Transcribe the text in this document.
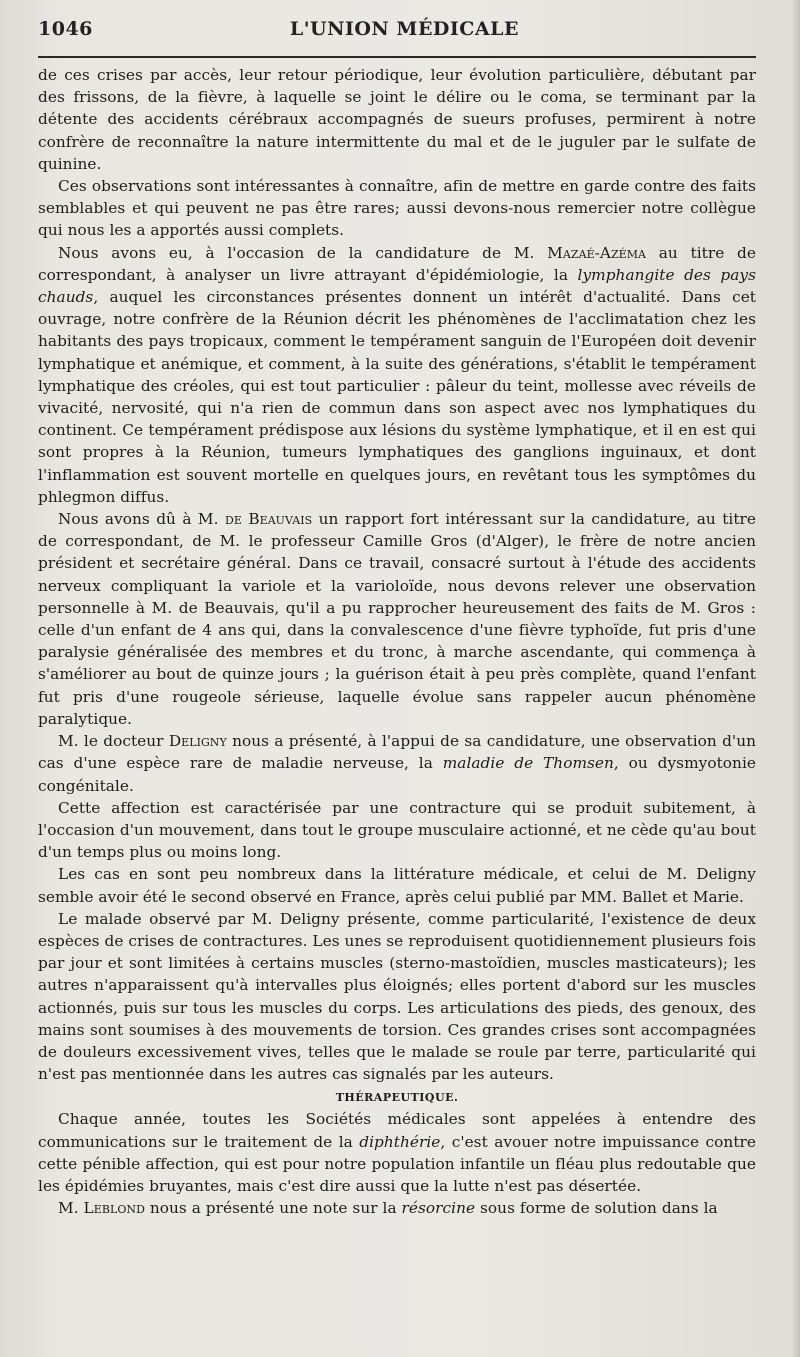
1046	L'UNION MÉDICALE

de ces crises par accès, leur retour périodique, leur évolution particulière, débutant par des frissons, de la fièvre, à laquelle se joint le délire ou le coma, se terminant par la détente des accidents cérébraux accompagnés de sueurs profuses, permirent à notre confrère de reconnaître la nature intermittente du mal et de le juguler par le sulfate de quinine.

Ces observations sont intéressantes à connaître, afin de mettre en garde contre des faits semblables et qui peuvent ne pas être rares; aussi devons-nous remercier notre collègue qui nous les a apportés aussi complets.

Nous avons eu, à l'occasion de la candidature de M. Mazaé-Azéma au titre de correspondant, à analyser un livre attrayant d'épidémiologie, la lymphangite des pays chauds, auquel les circonstances présentes donnent un intérêt d'actualité. Dans cet ouvrage, notre confrère de la Réunion décrit les phénomènes de l'acclimatation chez les habitants des pays tropicaux, comment le tempérament sanguin de l'Européen doit devenir lymphatique et anémique, et comment, à la suite des générations, s'établit le tempérament lymphatique des créoles, qui est tout particulier : pâleur du teint, mollesse avec réveils de vivacité, nervosité, qui n'a rien de commun dans son aspect avec nos lymphatiques du continent. Ce tempérament prédispose aux lésions du système lymphatique, et il en est qui sont propres à la Réunion, tumeurs lymphatiques des ganglions inguinaux, et dont l'inflammation est souvent mortelle en quelques jours, en revêtant tous les symptômes du phlegmon diffus.

Nous avons dû à M. de Beauvais un rapport fort intéressant sur la candidature, au titre de correspondant, de M. le professeur Camille Gros (d'Alger), le frère de notre ancien président et secrétaire général. Dans ce travail, consacré surtout à l'étude des accidents nerveux compliquant la variole et la varioloïde, nous devons relever une observation personnelle à M. de Beauvais, qu'il a pu rapprocher heureusement des faits de M. Gros : celle d'un enfant de 4 ans qui, dans la convalescence d'une fièvre typhoïde, fut pris d'une paralysie généralisée des membres et du tronc, à marche ascendante, qui commença à s'améliorer au bout de quinze jours ; la guérison était à peu près complète, quand l'enfant fut pris d'une rougeole sérieuse, laquelle évolue sans rappeler aucun phénomène paralytique.

M. le docteur Deligny nous a présenté, à l'appui de sa candidature, une observation d'un cas d'une espèce rare de maladie nerveuse, la maladie de Thomsen, ou dysmyotonie congénitale.

Cette affection est caractérisée par une contracture qui se produit subitement, à l'occasion d'un mouvement, dans tout le groupe musculaire actionné, et ne cède qu'au bout d'un temps plus ou moins long.

Les cas en sont peu nombreux dans la littérature médicale, et celui de M. Deligny semble avoir été le second observé en France, après celui publié par MM. Ballet et Marie.

Le malade observé par M. Deligny présente, comme particularité, l'existence de deux espèces de crises de contractures. Les unes se reproduisent quotidiennement plusieurs fois par jour et sont limitées à certains muscles (sterno-mastoïdien, muscles masticateurs); les autres n'apparaissent qu'à intervalles plus éloignés; elles portent d'abord sur les muscles actionnés, puis sur tous les muscles du corps. Les articulations des pieds, des genoux, des mains sont soumises à des mouvements de torsion. Ces grandes crises sont accompagnées de douleurs excessivement vives, telles que le malade se roule par terre, particularité qui n'est pas mentionnée dans les autres cas signalés par les auteurs.

THÉRAPEUTIQUE.

Chaque année, toutes les Sociétés médicales sont appelées à entendre des communications sur le traitement de la diphthérie, c'est avouer notre impuissance contre cette pénible affection, qui est pour notre population infantile un fléau plus redoutable que les épidémies bruyantes, mais c'est dire aussi que la lutte n'est pas désertée.

M. Leblond nous a présenté une note sur la résorcine sous forme de solution dans la
